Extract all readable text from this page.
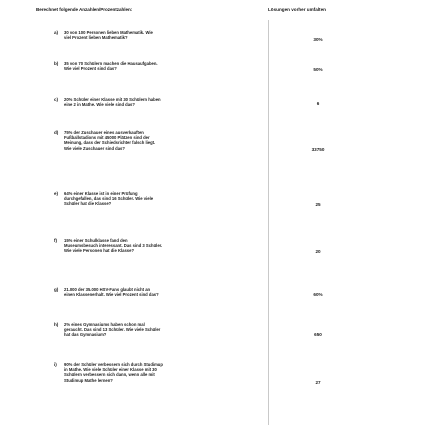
Berechnet folgende Anzahlen/Prozentzahlen:	Lösungen vorher umfalten
a) 30 von 100 Personen lieben Mathematik. Wie
viel Prozent lieben Mathematik?	30%
b) 35 von 70 Schülern machen die Hausaufgaben.
Wie viel Prozent sind das?	50%
c) 20% Schüler einer Klasse mit 30 Schülern haben
eine 2 in Mathe. Wie viele sind das?	6
d) 75% der Zuschauer eines ausverkauften
Fußballstadions mit 45000 Plätzen sind der
Meinung, dass der Schiedsrichter falsch liegt.
Wie viele Zuschauer sind das?	33750
e) 64% einer Klasse ist in einer Prüfung
durchgefallen, das sind 16 Schüler. Wie viele
Schüler hat die Klasse?	25
f) 15% einer Schulklasse fand den
Museumsbesuch interessant. Das sind 3 Schüler.
Wie viele Personen hat die Klasse?	20
g) 21.000 der 35.000 HSV-Fans glaubt nicht an
einen Klassenerhalt. Wie viel Prozent sind das?	60%
h) 2% eines Gymnasiums haben schon mal
geraucht. Das sind 13 Schüler. Wie viele Schüler
hat das Gymnasium?	650
i) 90% der Schüler verbessern sich durch Studimup
in Mathe. Wie viele Schüler einer Klasse mit 30
Schülern verbessern sich dann, wenn alle mit
Studimup Mathe lernen?	27
